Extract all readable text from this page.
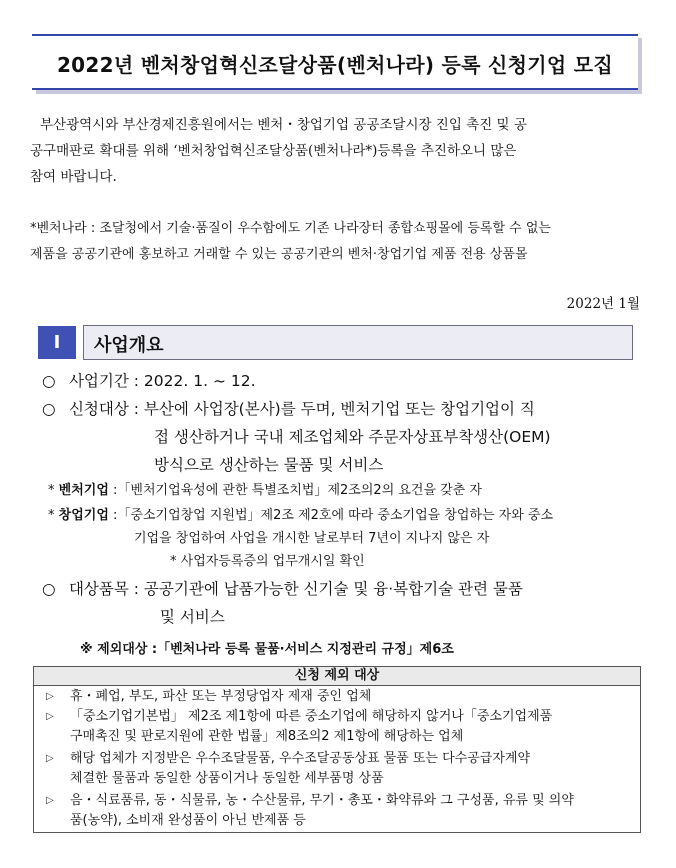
2022년 벤처창업혁신조달상품(벤처나라) 등록 신청기업 모집
부산광역시와 부산경제진흥원에서는 벤처・창업기업 공공조달시장 진입 촉진 및 공
공구매판로 확대를 위해 ‘벤처창업혁신조달상품(벤처나라*)등록을 추진하오니 많은
참여 바랍니다.
*벤처나라 : 조달청에서 기술·품질이 우수함에도 기존 나라장터 종합쇼핑몰에 등록할 수 없는
제품을 공공기관에 홍보하고 거래할 수 있는 공공기관의 벤처·창업기업 제품 전용 상품몰
2022년 1월
Ⅰ	사업개요
○ 사업기간 : 2022. 1. ~ 12.
○ 신청대상 : 부산에 사업장(본사)를 두며, 벤처기업 또는 창업기업이 직
접 생산하거나 국내 제조업체와 주문자상표부착생산(OEM)
방식으로 생산하는 물품 및 서비스
* 벤처기업 :「벤처기업육성에 관한 특별조치법」제2조의2의 요건을 갖춘 자
* 창업기업 :「중소기업창업 지원법」제2조 제2호에 따라 중소기업을 창업하는 자와 중소
기업을 창업하여 사업을 개시한 날로부터 7년이 지나지 않은 자
* 사업자등록증의 업무개시일 확인
○ 대상품목 : 공공기관에 납품가능한 신기술 및 융·복합기술 관련 물품
및 서비스
※ 제외대상 :「벤처나라 등록 물품·서비스 지정관리 규정」제6조
신청 제외 대상
▷ 휴・폐업, 부도, 파산 또는 부정당업자 제재 중인 업체
▷ 「중소기업기본법」 제2조 제1항에 따른 중소기업에 해당하지 않거나「중소기업제품
구매촉진 및 판로지원에 관한 법률」제8조의2 제1항에 해당하는 업체
▷ 해당 업체가 지정받은 우수조달물품, 우수조달공동상표 물품 또는 다수공급자계약
체결한 물품과 동일한 상품이거나 동일한 세부품명 상품
▷ 음・식료품류, 동・식물류, 농・수산물류, 무기・총포・화약류와 그 구성품, 유류 및 의약
품(농약), 소비재 완성품이 아닌 반제품 등
